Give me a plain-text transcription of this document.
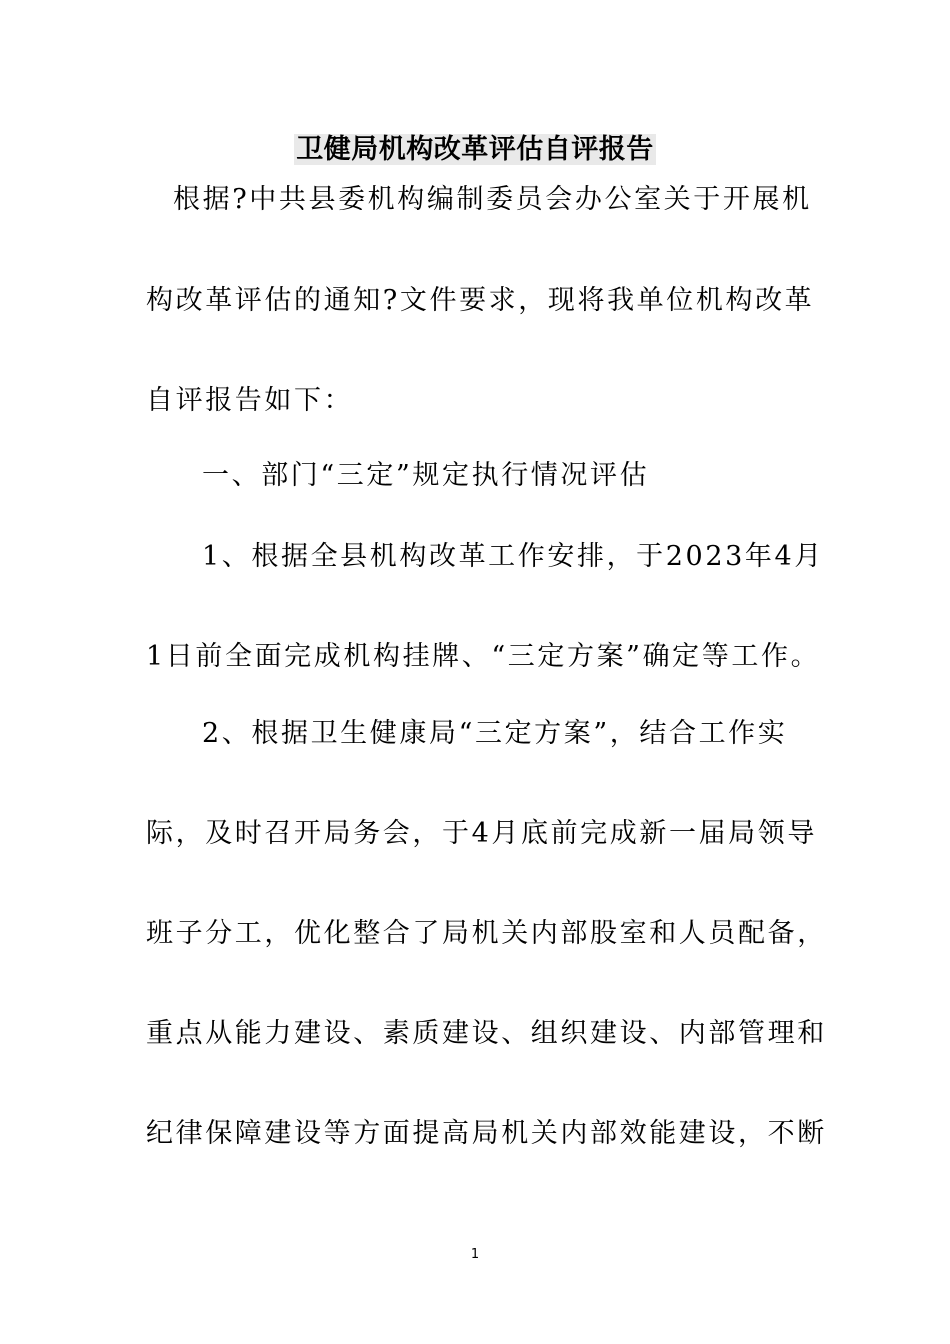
卫健局机构改革评估自评报告
根据?中共县委机构编制委员会办公室关于开展机
构改革评估的通知?文件要求，现将我单位机构改革
自评报告如下：
一、部门“三定”规定执行情况评估
1、根据全县机构改革工作安排，于2023年4月
1日前全面完成机构挂牌、“三定方案”确定等工作。
2、根据卫生健康局“三定方案”，结合工作实
际，及时召开局务会，于4月底前完成新一届局领导
班子分工，优化整合了局机关内部股室和人员配备，
重点从能力建设、素质建设、组织建设、内部管理和
纪律保障建设等方面提高局机关内部效能建设，不断
1
